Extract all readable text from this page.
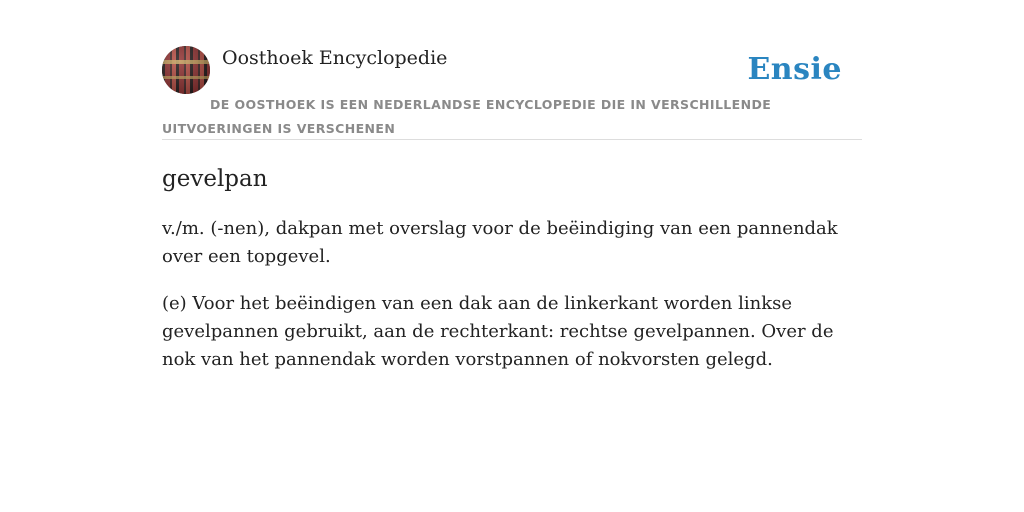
Oosthoek Encyclopedie	Ensie
DE OOSTHOEK IS EEN NEDERLANDSE ENCYCLOPEDIE DIE IN VERSCHILLENDE UITVOERINGEN IS VERSCHENEN
gevelpan

v./m. (-nen), dakpan met overslag voor de beëindiging van een pannendak over een topgevel.

(e) Voor het beëindigen van een dak aan de linkerkant worden linkse gevelpannen gebruikt, aan de rechterkant: rechtse gevelpannen. Over de nok van het pannendak worden vorstpannen of nokvorsten gelegd.
